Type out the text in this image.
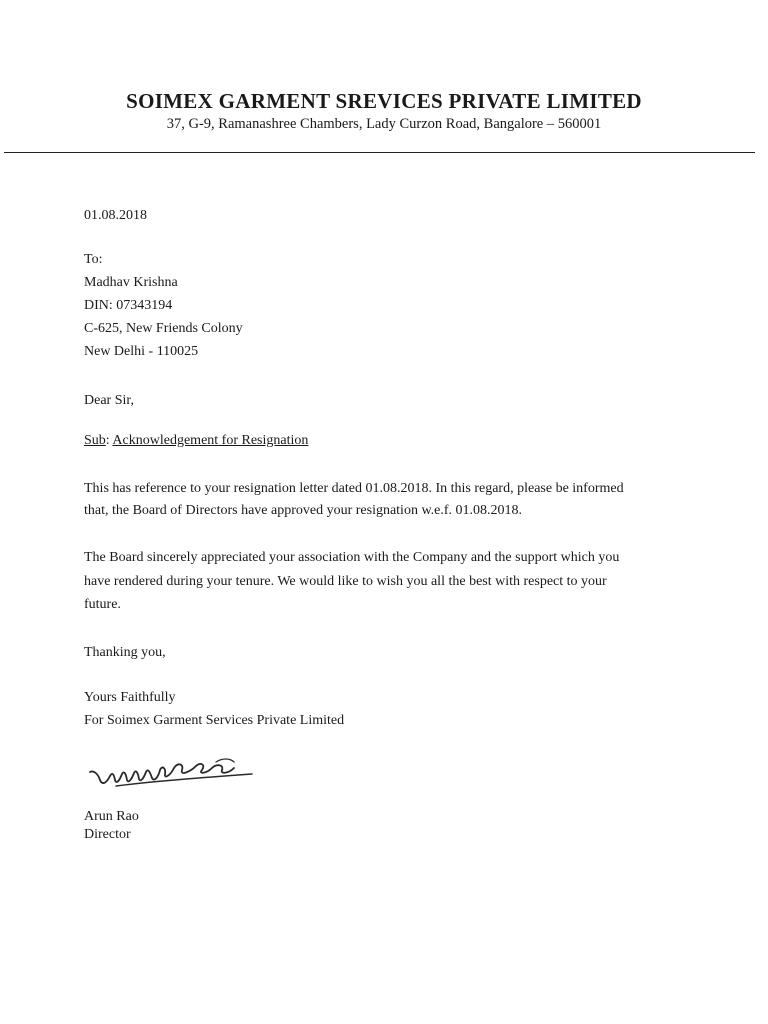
SOIMEX GARMENT SREVICES PRIVATE LIMITED
37, G-9, Ramanashree Chambers, Lady Curzon Road, Bangalore – 560001
01.08.2018
To:
Madhav Krishna
DIN: 07343194
C-625, New Friends Colony
New Delhi - 110025
Dear Sir,
Sub: Acknowledgement for Resignation
This has reference to your resignation letter dated 01.08.2018. In this regard, please be informed
that, the Board of Directors have approved your resignation w.e.f. 01.08.2018.
The Board sincerely appreciated your association with the Company and the support which you
have rendered during your tenure. We would like to wish you all the best with respect to your
future.
Thanking you,
Yours Faithfully
For Soimex Garment Services Private Limited
Arun Rao
Director
